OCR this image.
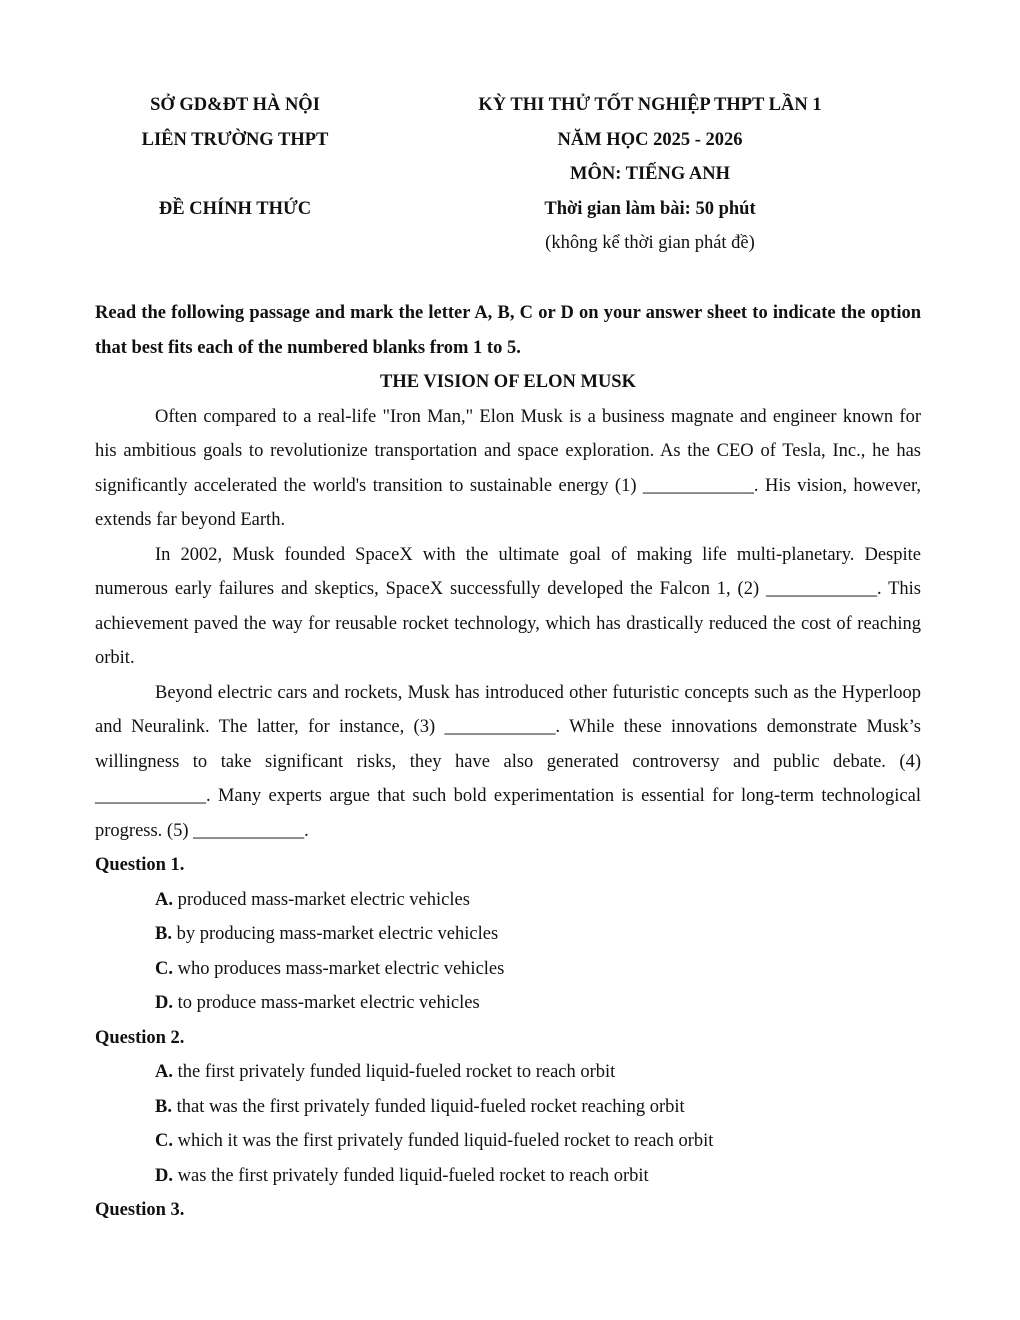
SỞ GD&ĐT HÀ NỘI
LIÊN TRƯỜNG THPT
ĐỀ CHÍNH THỨC
KỲ THI THỬ TỐT NGHIỆP THPT LẦN 1
NĂM HỌC 2025 - 2026
MÔN: TIẾNG ANH
Thời gian làm bài: 50 phút
(không kể thời gian phát đề)

Read the following passage and mark the letter A, B, C or D on your answer sheet to indicate the option that best fits each of the numbered blanks from 1 to 5.

THE VISION OF ELON MUSK

Often compared to a real-life "Iron Man," Elon Musk is a business magnate and engineer known for his ambitious goals to revolutionize transportation and space exploration. As the CEO of Tesla, Inc., he has significantly accelerated the world's transition to sustainable energy (1) ____________. His vision, however, extends far beyond Earth.

In 2002, Musk founded SpaceX with the ultimate goal of making life multi-planetary. Despite numerous early failures and skeptics, SpaceX successfully developed the Falcon 1, (2) ____________. This achievement paved the way for reusable rocket technology, which has drastically reduced the cost of reaching orbit.

Beyond electric cars and rockets, Musk has introduced other futuristic concepts such as the Hyperloop and Neuralink. The latter, for instance, (3) ____________. While these innovations demonstrate Musk’s willingness to take significant risks, they have also generated controversy and public debate. (4) ____________. Many experts argue that such bold experimentation is essential for long-term technological progress. (5) ____________.

Question 1.

A. produced mass-market electric vehicles

B. by producing mass-market electric vehicles

C. who produces mass-market electric vehicles

D. to produce mass-market electric vehicles

Question 2.

A. the first privately funded liquid-fueled rocket to reach orbit

B. that was the first privately funded liquid-fueled rocket reaching orbit

C. which it was the first privately funded liquid-fueled rocket to reach orbit

D. was the first privately funded liquid-fueled rocket to reach orbit

Question 3.
